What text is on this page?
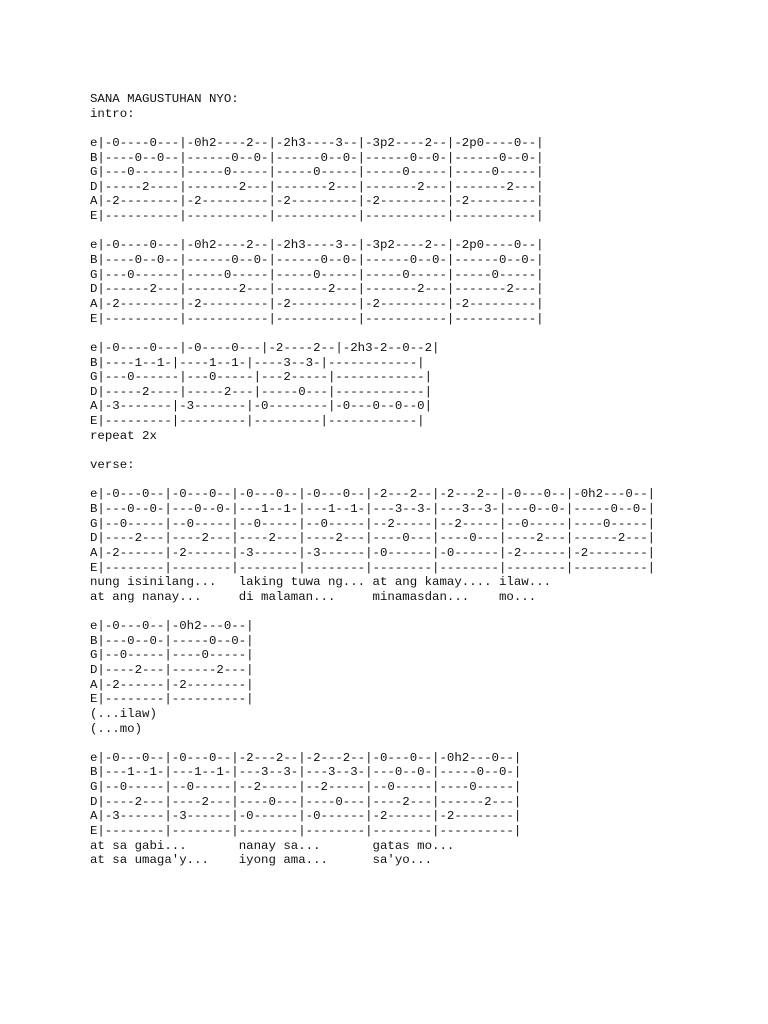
SANA MAGUSTUHAN NYO:
intro:
e|-0----0---|-0h2----2--|-2h3----3--|-3p2----2--|-2p0----0--|
B|----0--0--|------0--0-|------0--0-|------0--0-|------0--0-|
G|---0------|-----0-----|-----0-----|-----0-----|-----0-----|
D|-----2----|-------2---|-------2---|-------2---|-------2---|
A|-2--------|-2---------|-2---------|-2---------|-2---------|
E|----------|-----------|-----------|-----------|-----------|
e|-0----0---|-0h2----2--|-2h3----3--|-3p2----2--|-2p0----0--|
B|----0--0--|------0--0-|------0--0-|------0--0-|------0--0-|
G|---0------|-----0-----|-----0-----|-----0-----|-----0-----|
D|------2---|-------2---|-------2---|-------2---|-------2---|
A|-2--------|-2---------|-2---------|-2---------|-2---------|
E|----------|-----------|-----------|-----------|-----------|
e|-0----0---|-0----0---|-2----2--|-2h3-2--0--2|
B|----1--1-|----1--1-|----3--3-|------------|
G|---0------|---0-----|---2-----|------------|
D|-----2----|-----2---|-----0---|------------|
A|-3-------|-3-------|-0--------|-0---0--0--0|
E|---------|---------|---------|------------|
repeat 2x
verse:
e|-0---0--|-0---0--|-0---0--|-0---0--|-2---2--|-2---2--|-0---0--|-0h2---0--|
B|---0--0-|---0--0-|---1--1-|---1--1-|---3--3-|---3--3-|---0--0-|-----0--0-|
G|--0-----|--0-----|--0-----|--0-----|--2-----|--2-----|--0-----|----0-----|
D|----2---|----2---|----2---|----2---|----0---|----0---|----2---|------2---|
A|-2------|-2------|-3------|-3------|-0------|-0------|-2------|-2--------|
E|--------|--------|--------|--------|--------|--------|--------|----------|
nung isinilang...   laking tuwa ng... at ang kamay.... ilaw...
at ang nanay...     di malaman...     minamasdan...    mo...
e|-0---0--|-0h2---0--|
B|---0--0-|-----0--0-|
G|--0-----|----0-----|
D|----2---|------2---|
A|-2------|-2--------|
E|--------|----------|
(...ilaw)
(...mo)
e|-0---0--|-0---0--|-2---2--|-2---2--|-0---0--|-0h2---0--|
B|---1--1-|---1--1-|---3--3-|---3--3-|---0--0-|-----0--0-|
G|--0-----|--0-----|--2-----|--2-----|--0-----|----0-----|
D|----2---|----2---|----0---|----0---|----2---|------2---|
A|-3------|-3------|-0------|-0------|-2------|-2--------|
E|--------|--------|--------|--------|--------|----------|
at sa gabi...       nanay sa...       gatas mo...
at sa umaga'y...    iyong ama...      sa'yo...
